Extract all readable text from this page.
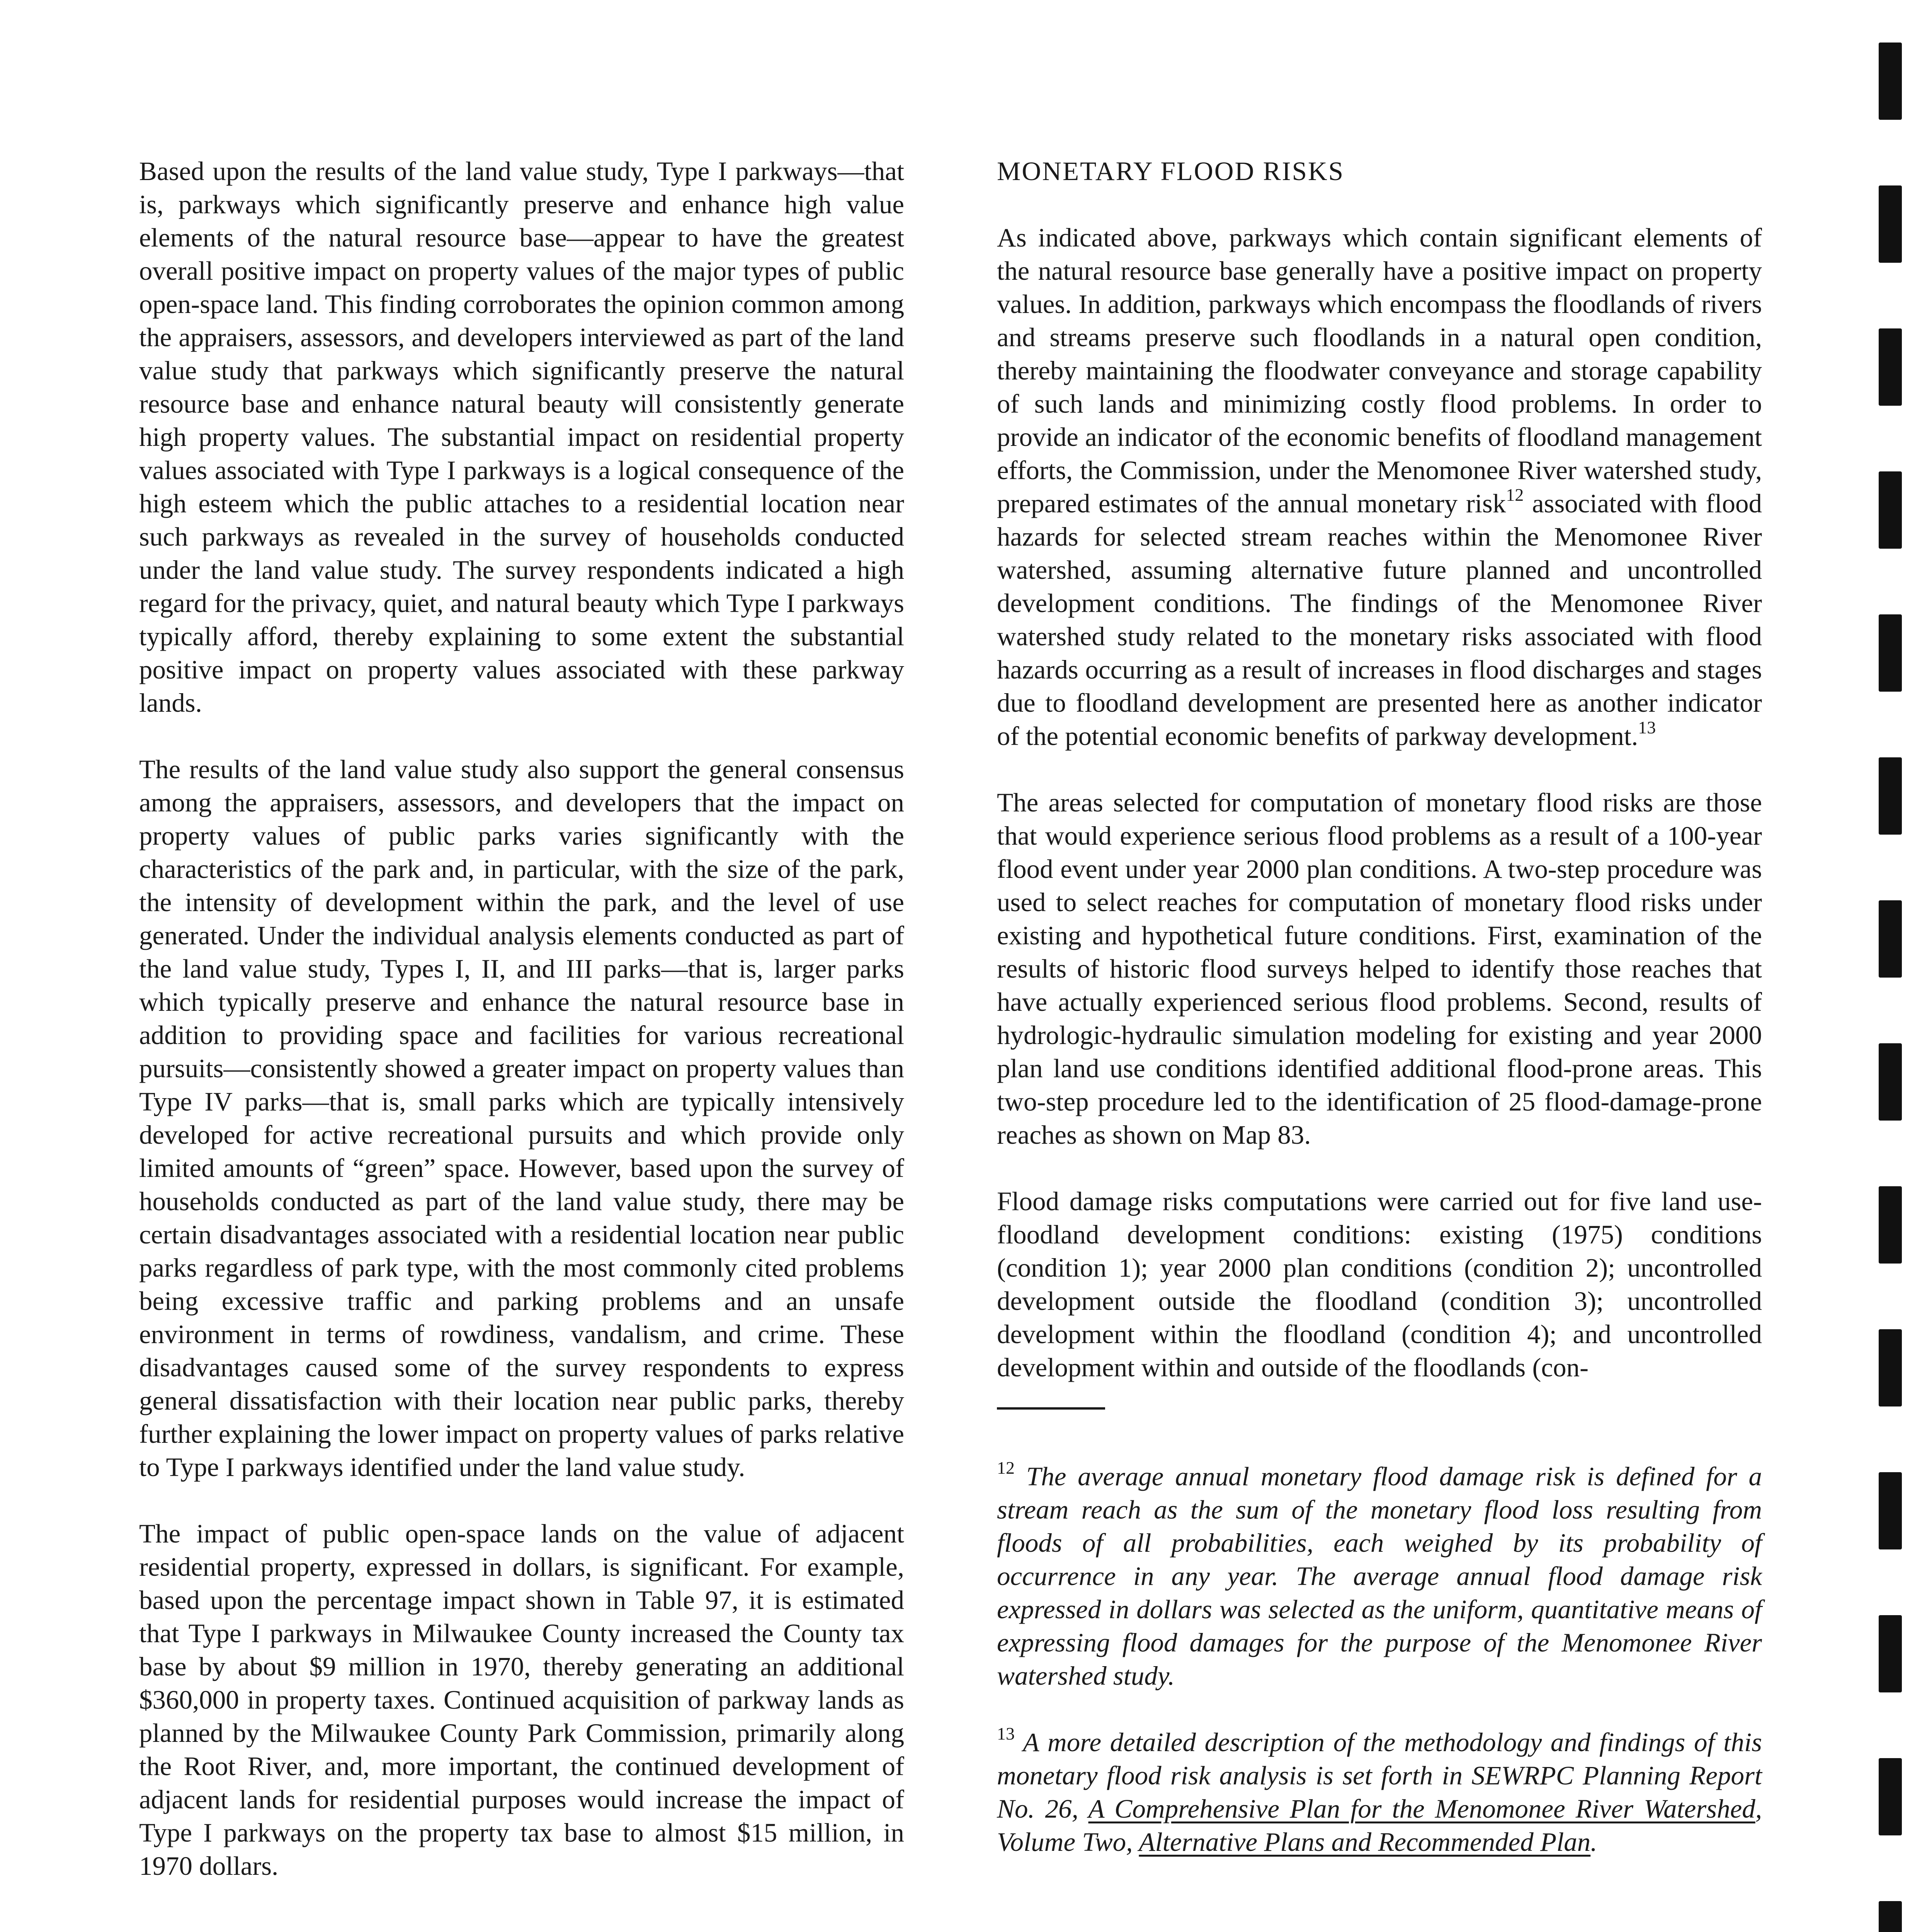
Based upon the results of the land value study, Type I parkways—that is, parkways which significantly preserve and enhance high value elements of the natural resource base—appear to have the greatest overall positive impact on property values of the major types of public open-space land. This finding corroborates the opinion common among the appraisers, assessors, and developers interviewed as part of the land value study that parkways which significantly preserve the natural resource base and enhance natural beauty will consistently generate high property values. The substantial impact on residential property values associated with Type I parkways is a logical consequence of the high esteem which the public attaches to a residential location near such parkways as revealed in the survey of households conducted under the land value study. The survey respondents indicated a high regard for the privacy, quiet, and natural beauty which Type I parkways typically afford, thereby explaining to some extent the substantial positive impact on property values associated with these parkway lands.

The results of the land value study also support the general consensus among the appraisers, assessors, and developers that the impact on property values of public parks varies significantly with the characteristics of the park and, in particular, with the size of the park, the intensity of development within the park, and the level of use generated. Under the individual analysis elements conducted as part of the land value study, Types I, II, and III parks—that is, larger parks which typically preserve and enhance the natural resource base in addition to providing space and facilities for various recreational pursuits—consistently showed a greater impact on property values than Type IV parks—that is, small parks which are typically intensively developed for active recreational pursuits and which provide only limited amounts of “green” space. However, based upon the survey of households conducted as part of the land value study, there may be certain disadvantages associated with a residential location near public parks regardless of park type, with the most commonly cited problems being excessive traffic and parking problems and an unsafe environment in terms of rowdiness, vandalism, and crime. These disadvantages caused some of the survey respondents to express general dissatisfaction with their location near public parks, thereby further explaining the lower impact on property values of parks relative to Type I parkways identified under the land value study.

The impact of public open-space lands on the value of adjacent residential property, expressed in dollars, is significant. For example, based upon the percentage impact shown in Table 97, it is estimated that Type I parkways in Milwaukee County increased the County tax base by about $9 million in 1970, thereby generating an additional $360,000 in property taxes. Continued acquisition of parkway lands as planned by the Milwaukee County Park Commission, primarily along the Root River, and, more important, the continued development of adjacent lands for residential purposes would increase the impact of Type I parkways on the property tax base to almost $15 million, in 1970 dollars.

MONETARY FLOOD RISKS

As indicated above, parkways which contain significant elements of the natural resource base generally have a positive impact on property values. In addition, parkways which encompass the floodlands of rivers and streams preserve such floodlands in a natural open condition, thereby maintaining the floodwater conveyance and storage capability of such lands and minimizing costly flood problems. In order to provide an indicator of the economic benefits of floodland management efforts, the Commission, under the Menomonee River watershed study, prepared estimates of the annual monetary risk$^{12}$ associated with flood hazards for selected stream reaches within the Menomonee River watershed, assuming alternative future planned and uncontrolled development conditions. The findings of the Menomonee River watershed study related to the monetary risks associated with flood hazards occurring as a result of increases in flood discharges and stages due to floodland development are presented here as another indicator of the potential economic benefits of parkway development.$^{13}$

The areas selected for computation of monetary flood risks are those that would experience serious flood problems as a result of a 100-year flood event under year 2000 plan conditions. A two-step procedure was used to select reaches for computation of monetary flood risks under existing and hypothetical future conditions. First, examination of the results of historic flood surveys helped to identify those reaches that have actually experienced serious flood problems. Second, results of hydrologic-hydraulic simulation modeling for existing and year 2000 plan land use conditions identified additional flood-prone areas. This two-step procedure led to the identification of 25 flood-damage-prone reaches as shown on Map 83.

Flood damage risks computations were carried out for five land use-floodland development conditions: existing (1975) conditions (condition 1); year 2000 plan conditions (condition 2); uncontrolled development outside the floodland (condition 3); uncontrolled development within the floodland (condition 4); and uncontrolled development within and outside of the floodlands (con-

$^{12}$ The average annual monetary flood damage risk is defined for a stream reach as the sum of the monetary flood loss resulting from floods of all probabilities, each weighed by its probability of occurrence in any year. The average annual flood damage risk expressed in dollars was selected as the uniform, quantitative means of expressing flood damages for the purpose of the Menomonee River watershed study.

$^{13}$ A more detailed description of the methodology and findings of this monetary flood risk analysis is set forth in SEWRPC Planning Report No. 26, A Comprehensive Plan for the Menomonee River Watershed, Volume Two, Alternative Plans and Recommended Plan.
